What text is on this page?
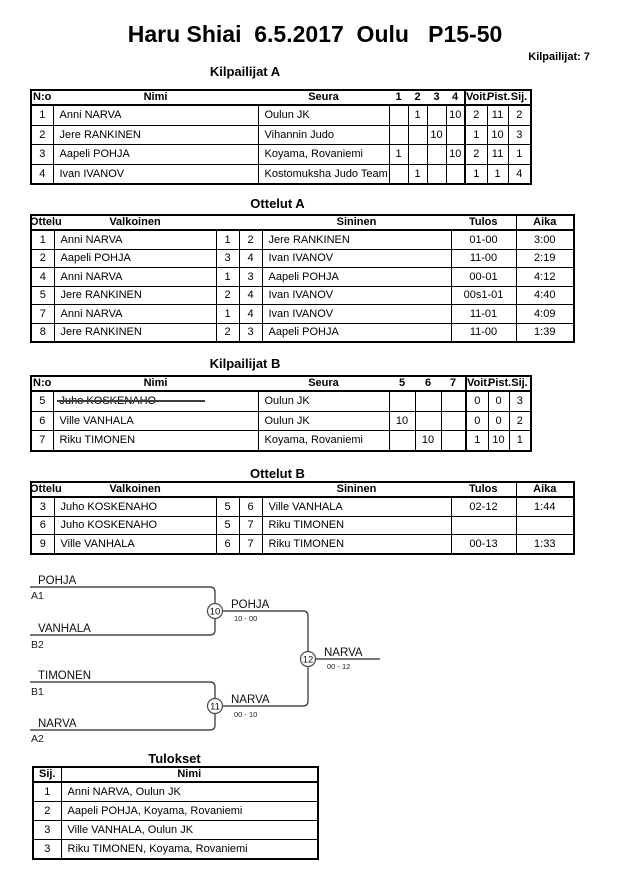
Haru Shiai  6.5.2017  Oulu   P15-50
Kilpailijat: 7
Kilpailijat A
N:o	Nimi	Seura	1	2	3	4	Voit.	Pist.	Sij.
1	Anni NARVA	Oulun JK		1		10	2	11	2
2	Jere RANKINEN	Vihannin Judo			10		1	10	3
3	Aapeli POHJA	Koyama, Rovaniemi	1			10	2	11	1
4	Ivan IVANOV	Kostomuksha Judo Team		1			1	1	4
Ottelut A
Ottelu	Valkoinen			Sininen	Tulos	Aika
1	Anni NARVA	1	2	Jere RANKINEN	01-00	3:00
2	Aapeli POHJA	3	4	Ivan IVANOV	11-00	2:19
4	Anni NARVA	1	3	Aapeli POHJA	00-01	4:12
5	Jere RANKINEN	2	4	Ivan IVANOV	00s1-01	4:40
7	Anni NARVA	1	4	Ivan IVANOV	11-01	4:09
8	Jere RANKINEN	2	3	Aapeli POHJA	11-00	1:39
Kilpailijat B
N:o	Nimi	Seura	5	6	7	Voit.	Pist.	Sij.
5	Juho KOSKENAHO	Oulun JK				0	0	3
6	Ville VANHALA	Oulun JK	10			0	0	2
7	Riku TIMONEN	Koyama, Rovaniemi		10		1	10	1
Ottelut B
Ottelu	Valkoinen			Sininen	Tulos	Aika
3	Juho KOSKENAHO	5	6	Ville VANHALA	02-12	1:44
6	Juho KOSKENAHO	5	7	Riku TIMONEN		
9	Ville VANHALA	6	7	Riku TIMONEN	00-13	1:33
POHJA
A1
VANHALA
B2
TIMONEN
B1
NARVA
A2
10
POHJA
10 - 00
11
NARVA
00 - 10
12
NARVA
00 - 12
Tulokset
Sij.	Nimi
1	Anni NARVA, Oulun JK
2	Aapeli POHJA, Koyama, Rovaniemi
3	Ville VANHALA, Oulun JK
3	Riku TIMONEN, Koyama, Rovaniemi
